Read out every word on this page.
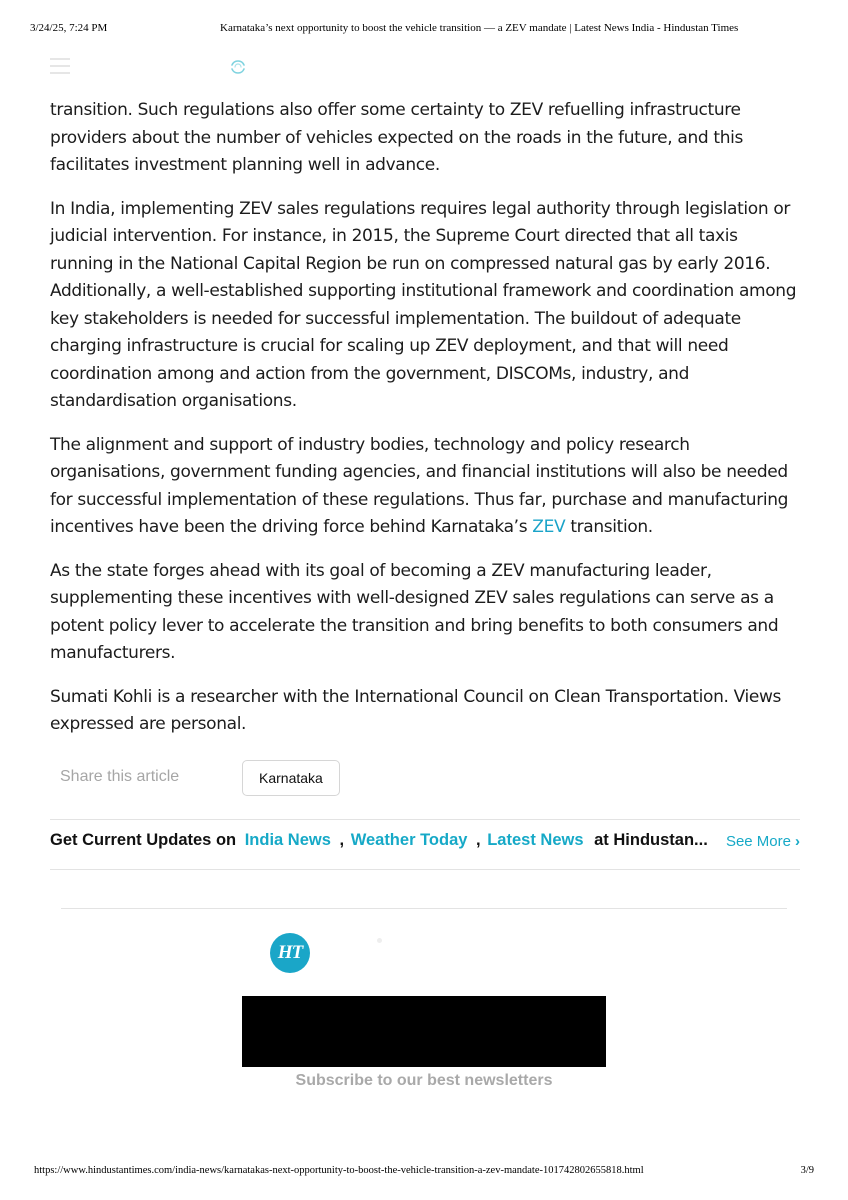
3/24/25, 7:24 PM	Karnataka’s next opportunity to boost the vehicle transition — a ZEV mandate | Latest News India - Hindustan Times

transition. Such regulations also offer some certainty to ZEV refuelling infrastructure providers about the number of vehicles expected on the roads in the future, and this facilitates investment planning well in advance.

In India, implementing ZEV sales regulations requires legal authority through legislation or judicial intervention. For instance, in 2015, the Supreme Court directed that all taxis running in the National Capital Region be run on compressed natural gas by early 2016. Additionally, a well-established supporting institutional framework and coordination among key stakeholders is needed for successful implementation. The buildout of adequate charging infrastructure is crucial for scaling up ZEV deployment, and that will need coordination among and action from the government, DISCOMs, industry, and standardisation organisations.

The alignment and support of industry bodies, technology and policy research organisations, government funding agencies, and financial institutions will also be needed for successful implementation of these regulations. Thus far, purchase and manufacturing incentives have been the driving force behind Karnataka’s ZEV transition.

As the state forges ahead with its goal of becoming a ZEV manufacturing leader, supplementing these incentives with well-designed ZEV sales regulations can serve as a potent policy lever to accelerate the transition and bring benefits to both consumers and manufacturers.

Sumati Kohli is a researcher with the International Council on Clean Transportation. Views expressed are personal.

Share this article	Karnataka
Get Current Updates on India News , Weather Today , Latest News at Hindustan... See More ›
HT
Subscribe to our best newsletters
https://www.hindustantimes.com/india-news/karnatakas-next-opportunity-to-boost-the-vehicle-transition-a-zev-mandate-101742802655818.html	3/9
